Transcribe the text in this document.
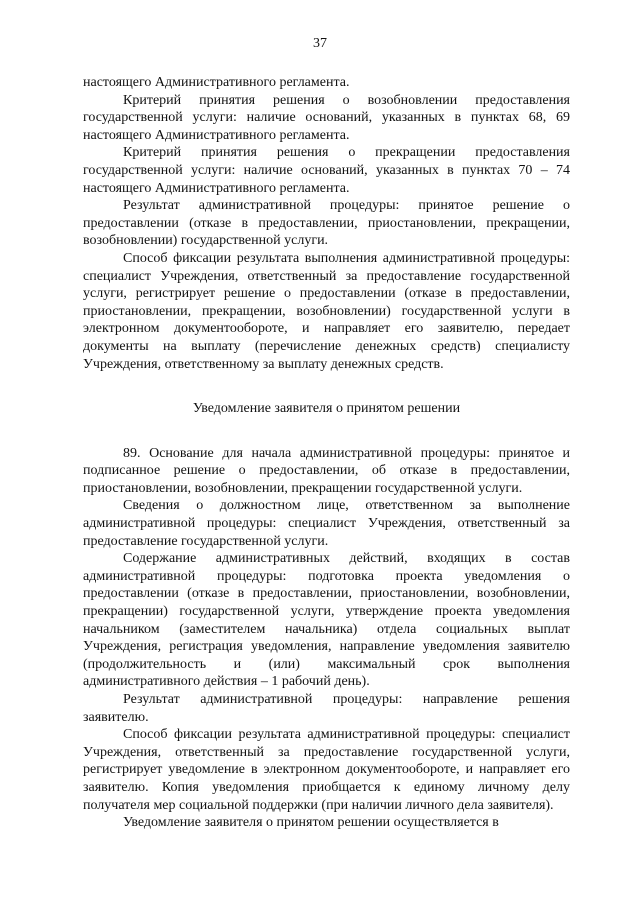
37

настоящего Административного регламента.

Критерий принятия решения о возобновлении предоставления государственной услуги: наличие оснований, указанных в пунктах 68, 69 настоящего Административного регламента.

Критерий принятия решения о прекращении предоставления государственной услуги: наличие оснований, указанных в пунктах 70 – 74 настоящего Административного регламента.

Результат административной процедуры: принятое решение о предоставлении (отказе в предоставлении, приостановлении, прекращении, возобновлении) государственной услуги.

Способ фиксации результата выполнения административной процедуры: специалист Учреждения, ответственный за предоставление государственной услуги, регистрирует решение о предоставлении (отказе в предоставлении, приостановлении, прекращении, возобновлении) государственной услуги в электронном документообороте, и направляет его заявителю, передает документы на выплату (перечисление денежных средств) специалисту Учреждения, ответственному за выплату денежных средств.

Уведомление заявителя о принятом решении

89. Основание для начала административной процедуры: принятое и подписанное решение о предоставлении, об отказе в предоставлении, приостановлении, возобновлении, прекращении государственной услуги.

Сведения о должностном лице, ответственном за выполнение административной процедуры: специалист Учреждения, ответственный за предоставление государственной услуги.

Содержание административных действий, входящих в состав административной процедуры: подготовка проекта уведомления о предоставлении (отказе в предоставлении, приостановлении, возобновлении, прекращении) государственной услуги, утверждение проекта уведомления начальником (заместителем начальника) отдела социальных выплат Учреждения, регистрация уведомления, направление уведомления заявителю (продолжительность и (или) максимальный срок выполнения административного действия – 1 рабочий день).

Результат административной процедуры: направление решения заявителю.

Способ фиксации результата административной процедуры: специалист Учреждения, ответственный за предоставление государственной услуги, регистрирует уведомление в электронном документообороте, и направляет его заявителю. Копия уведомления приобщается к единому личному делу получателя мер социальной поддержки (при наличии личного дела заявителя).

Уведомление заявителя о принятом решении осуществляется в
